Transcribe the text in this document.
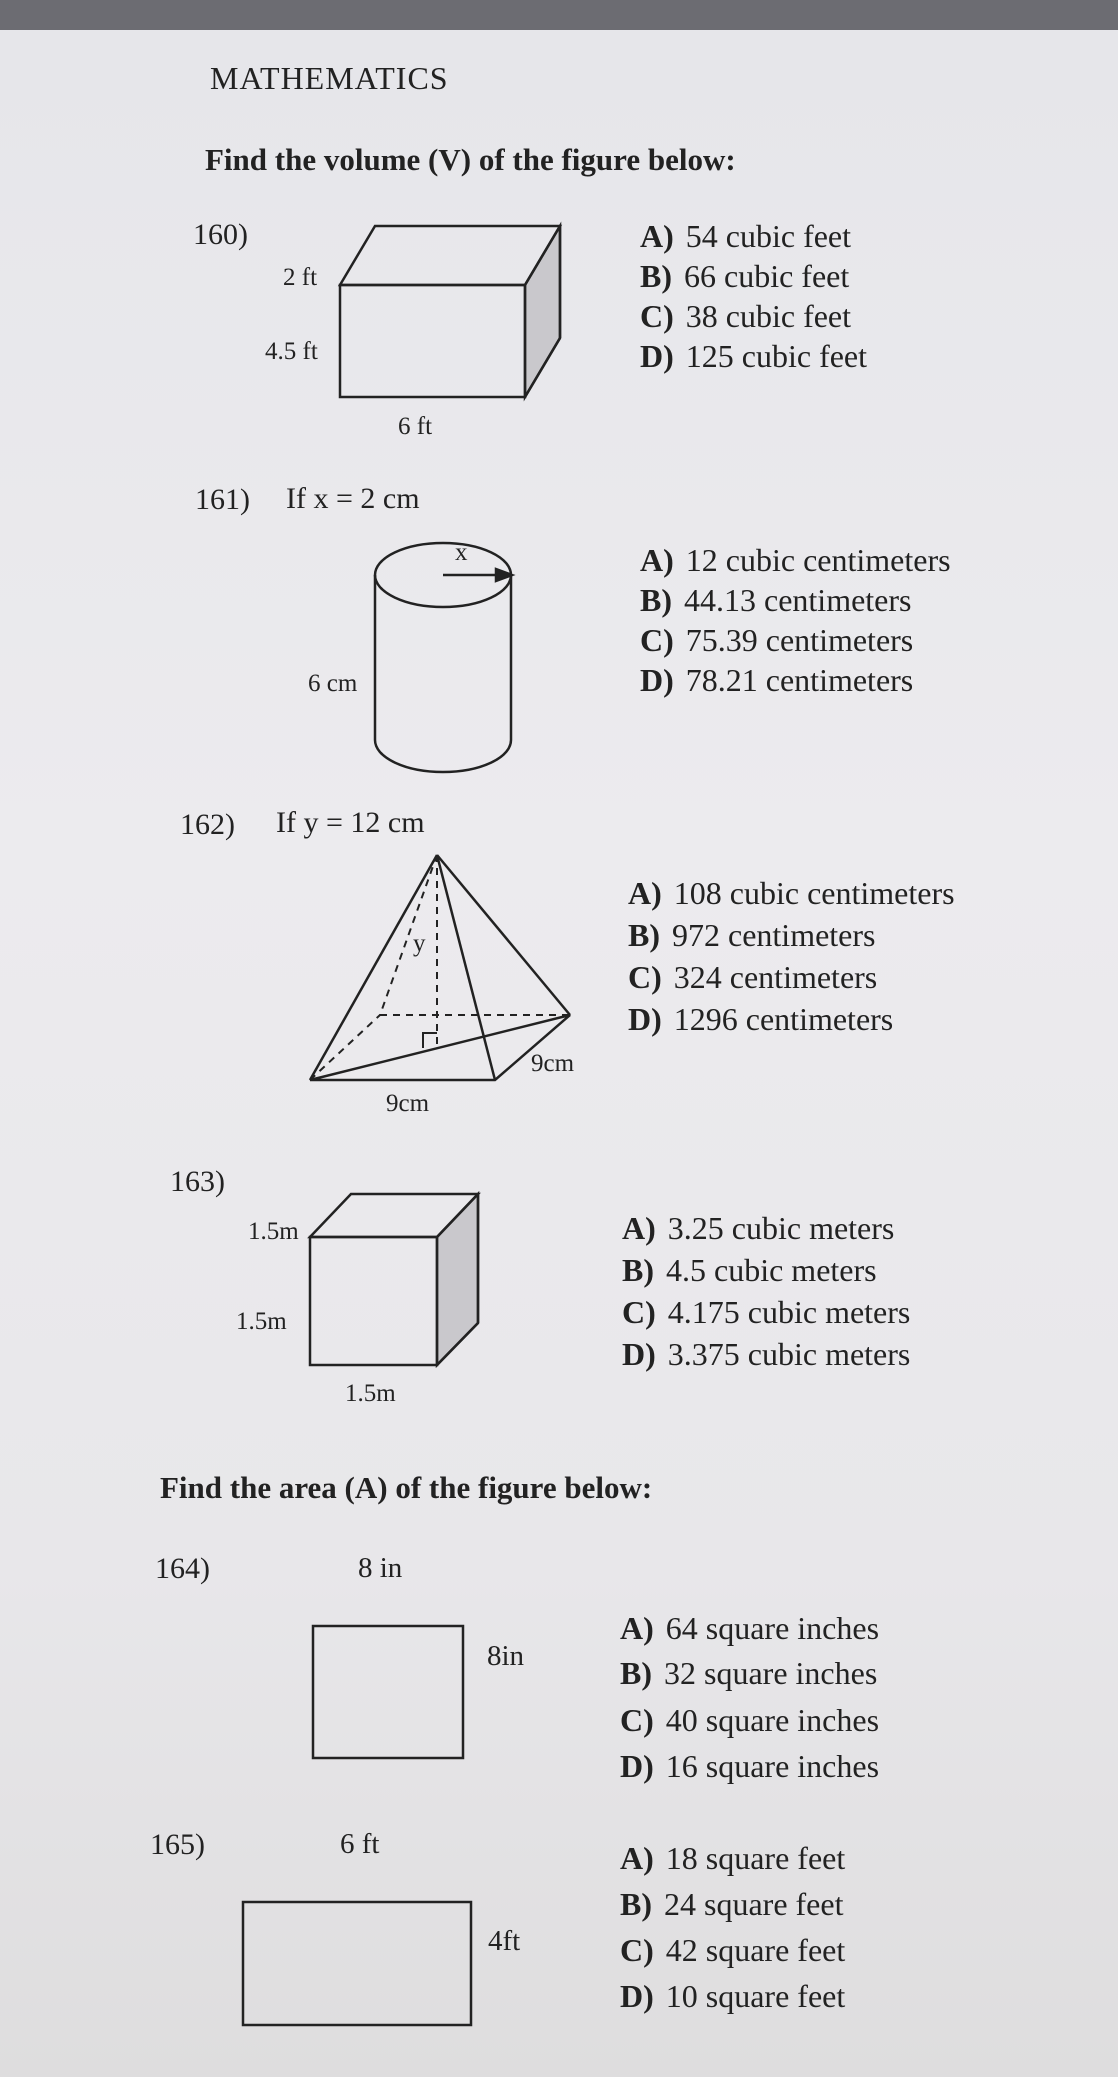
MATHEMATICS
Find the volume (V) of the figure below:
160)
2 ft
4.5 ft
6 ft
A) 54 cubic feet
B) 66 cubic feet
C) 38 cubic feet
D) 125 cubic feet
161) If x = 2 cm
x
6 cm
A) 12 cubic centimeters
B) 44.13 centimeters
C) 75.39 centimeters
D) 78.21 centimeters
162) If y = 12 cm
y
9cm
9cm
A) 108 cubic centimeters
B) 972 centimeters
C) 324 centimeters
D) 1296 centimeters
163)
1.5m
1.5m
1.5m
A) 3.25 cubic meters
B) 4.5 cubic meters
C) 4.175 cubic meters
D) 3.375 cubic meters
Find the area (A) of the figure below:
164)	8 in
8in
A) 64 square inches
B) 32 square inches
C) 40 square inches
D) 16 square inches
165)	6 ft
4ft
A) 18 square feet
B) 24 square feet
C) 42 square feet
D) 10 square feet
